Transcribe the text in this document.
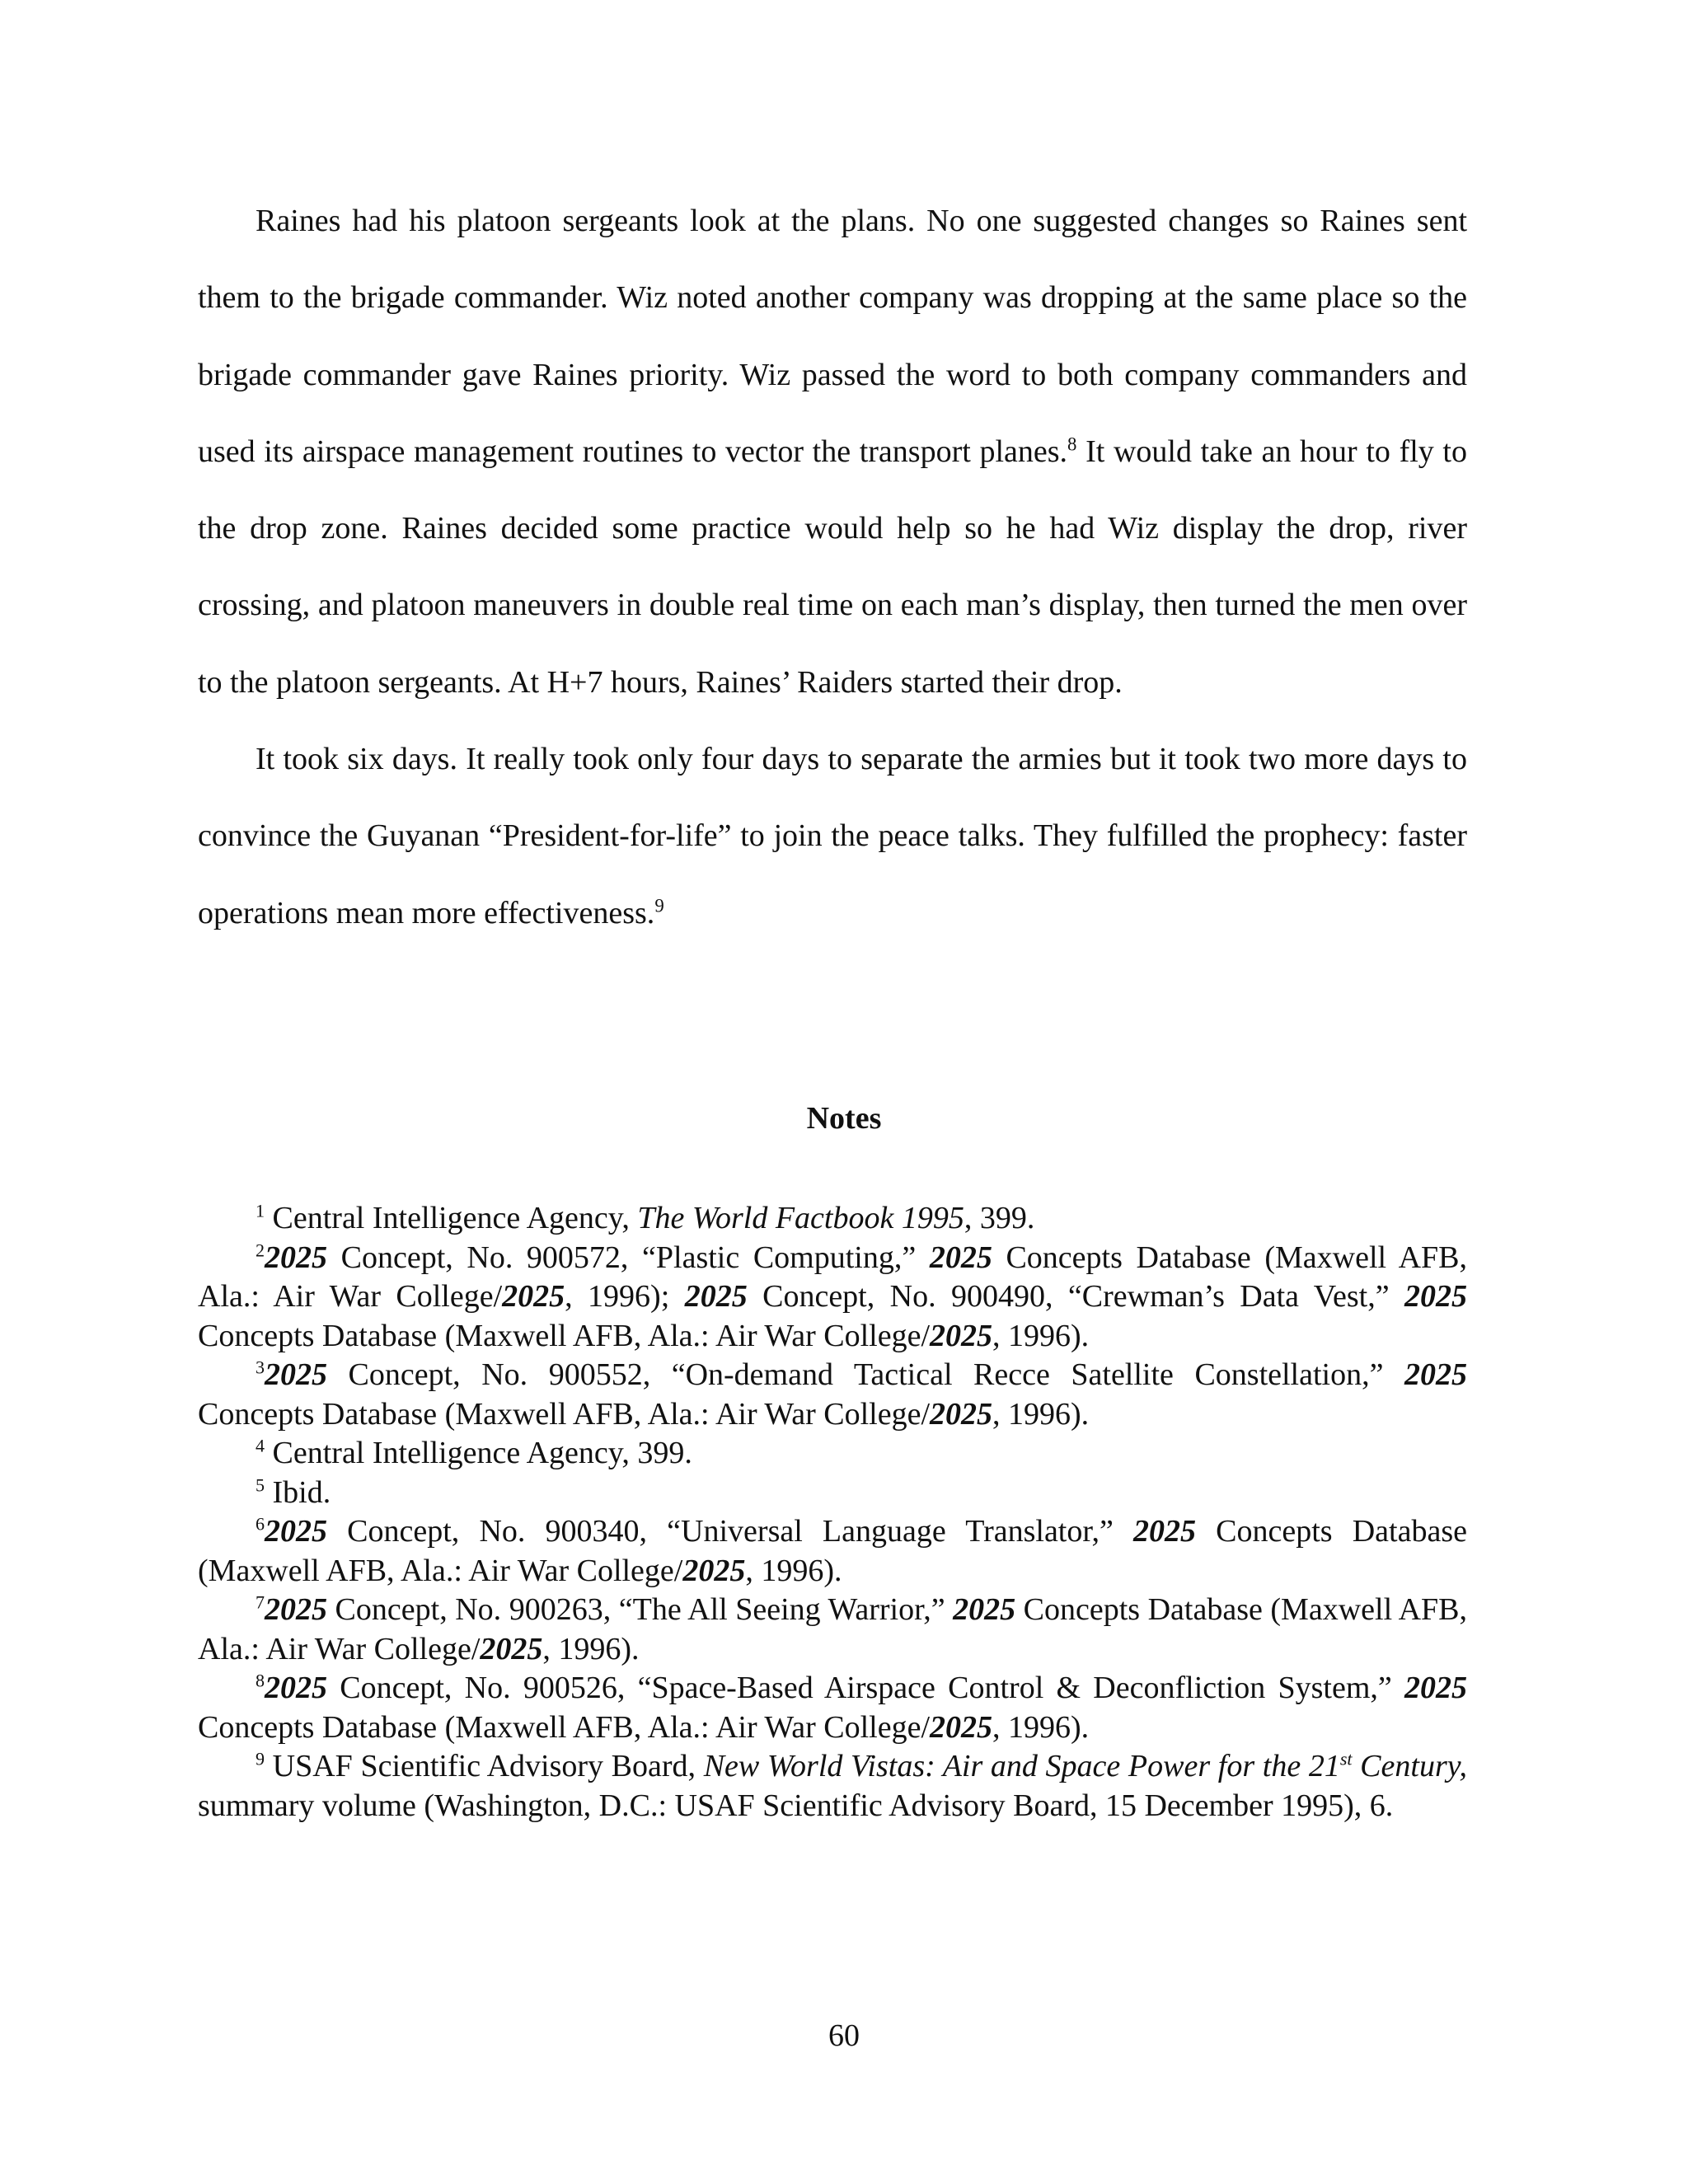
Raines had his platoon sergeants look at the plans. No one suggested changes so Raines sent them to the brigade commander. Wiz noted another company was dropping at the same place so the brigade commander gave Raines priority. Wiz passed the word to both company commanders and used its airspace management routines to vector the transport planes.$^8$ It would take an hour to fly to the drop zone. Raines decided some practice would help so he had Wiz display the drop, river crossing, and platoon maneuvers in double real time on each man’s display, then turned the men over to the platoon sergeants. At H+7 hours, Raines’ Raiders started their drop.

It took six days. It really took only four days to separate the armies but it took two more days to convince the Guyanan “President-for-life” to join the peace talks. They fulfilled the prophecy: faster operations mean more effectiveness.$^9$

Notes

$^1$ Central Intelligence Agency, The World Factbook 1995, 399.

$^2$2025 Concept, No. 900572, “Plastic Computing,” 2025 Concepts Database (Maxwell AFB, Ala.: Air War College/2025, 1996); 2025 Concept, No. 900490, “Crewman’s Data Vest,” 2025 Concepts Database (Maxwell AFB, Ala.: Air War College/2025, 1996).

$^3$2025 Concept, No. 900552, “On-demand Tactical Recce Satellite Constellation,” 2025 Concepts Database (Maxwell AFB, Ala.: Air War College/2025, 1996).

$^4$ Central Intelligence Agency, 399.

$^5$ Ibid.

$^6$2025 Concept, No. 900340, “Universal Language Translator,” 2025 Concepts Database (Maxwell AFB, Ala.: Air War College/2025, 1996).

$^7$2025 Concept, No. 900263, “The All Seeing Warrior,” 2025 Concepts Database (Maxwell AFB, Ala.: Air War College/2025, 1996).

$^8$2025 Concept, No. 900526, “Space-Based Airspace Control & Deconfliction System,” 2025 Concepts Database (Maxwell AFB, Ala.: Air War College/2025, 1996).

$^9$ USAF Scientific Advisory Board, New World Vistas: Air and Space Power for the 21st Century, summary volume (Washington, D.C.: USAF Scientific Advisory Board, 15 December 1995), 6.

60
